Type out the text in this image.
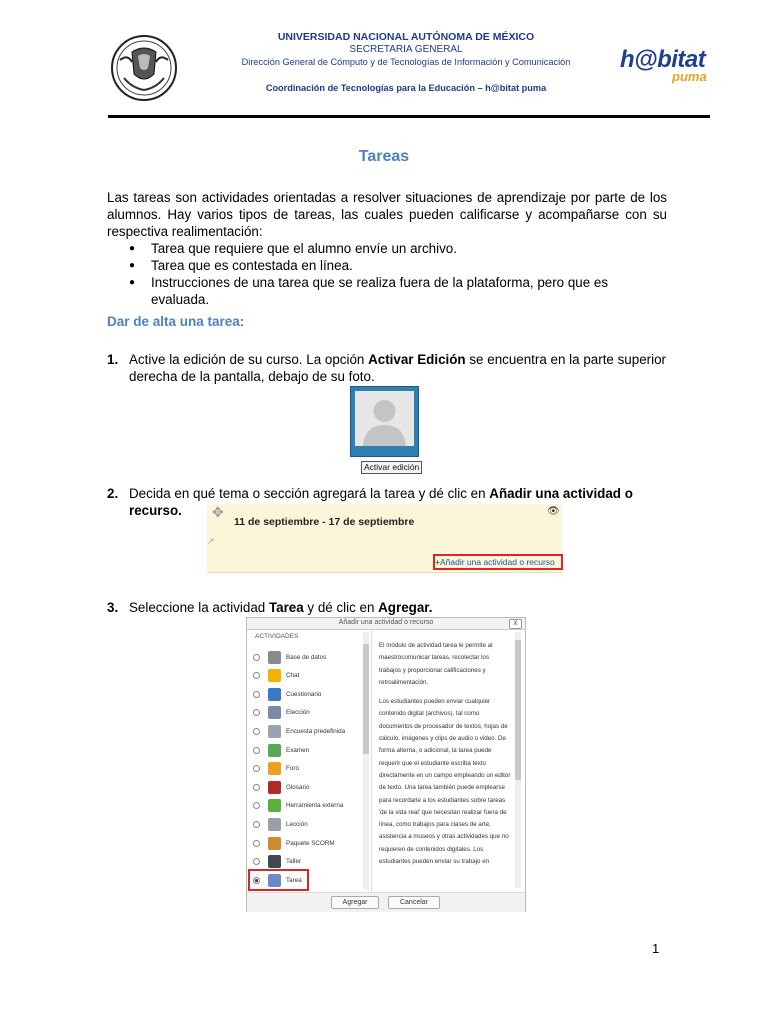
UNIVERSIDAD NACIONAL AUTÓNOMA DE MÉXICO
SECRETARIA GENERAL
Dirección General de Cómputo y de Tecnologías de Información y Comunicación
Coordinación de Tecnologías para la Educación – h@bitat puma
h@bitat
puma
Tareas
Las tareas son actividades orientadas a resolver situaciones de aprendizaje por parte de los alumnos. Hay varios tipos de tareas, las cuales pueden calificarse y acompañarse con su respectiva realimentación:
● Tarea que requiere que el alumno envíe un archivo.
● Tarea que es contestada en línea.
● Instrucciones de una tarea que se realiza fuera de la plataforma, pero que es evaluada.
Dar de alta una tarea:
1. Active la edición de su curso. La opción Activar Edición se encuentra en la parte superior derecha de la pantalla, debajo de su foto.
Activar edición
2. Decida en qué tema o sección agregará la tarea y dé clic en Añadir una actividad o recurso.	✥
11 de septiembre - 17 de septiembre
👁
↗
+Añadir una actividad o recurso
3. Seleccione la actividad Tarea y dé clic en Agregar.
Añadir una actividad o recurso	X
ACTIVIDADES
Base de datos
Chat
Cuestionario
Elección
Encuesta predefinida
Examen
Foro
Glosario
Herramienta externa
Lección
Paquete SCORM
Taller
Tarea

El módulo de actividad tarea le permite al maestrocomunicar tareas, recolectar los trabajos y proporcionar calificaciones y retroalimentación.

Los estudiantes pueden enviar cualquier contenido digital (archivos), tal como documentos de procesador de textos, hojas de cálculo, imágenes y clips de audio o video. De forma alterna, o adicional, la tarea puede requerir que el estudiante escriba texto directamente en un campo empleando un editor de texto. Una tarea también puede emplearse para recordarle a los estudiantes sobre tareas 'de la vida real' que necesitan realizar fuera de línea, como trabajos para clases de arte, asistencia a museos y otras actividades que no requieren de contenidos digitales. Los estudiantes pueden enviar su trabajo en

Agregar	Cancelar
1
